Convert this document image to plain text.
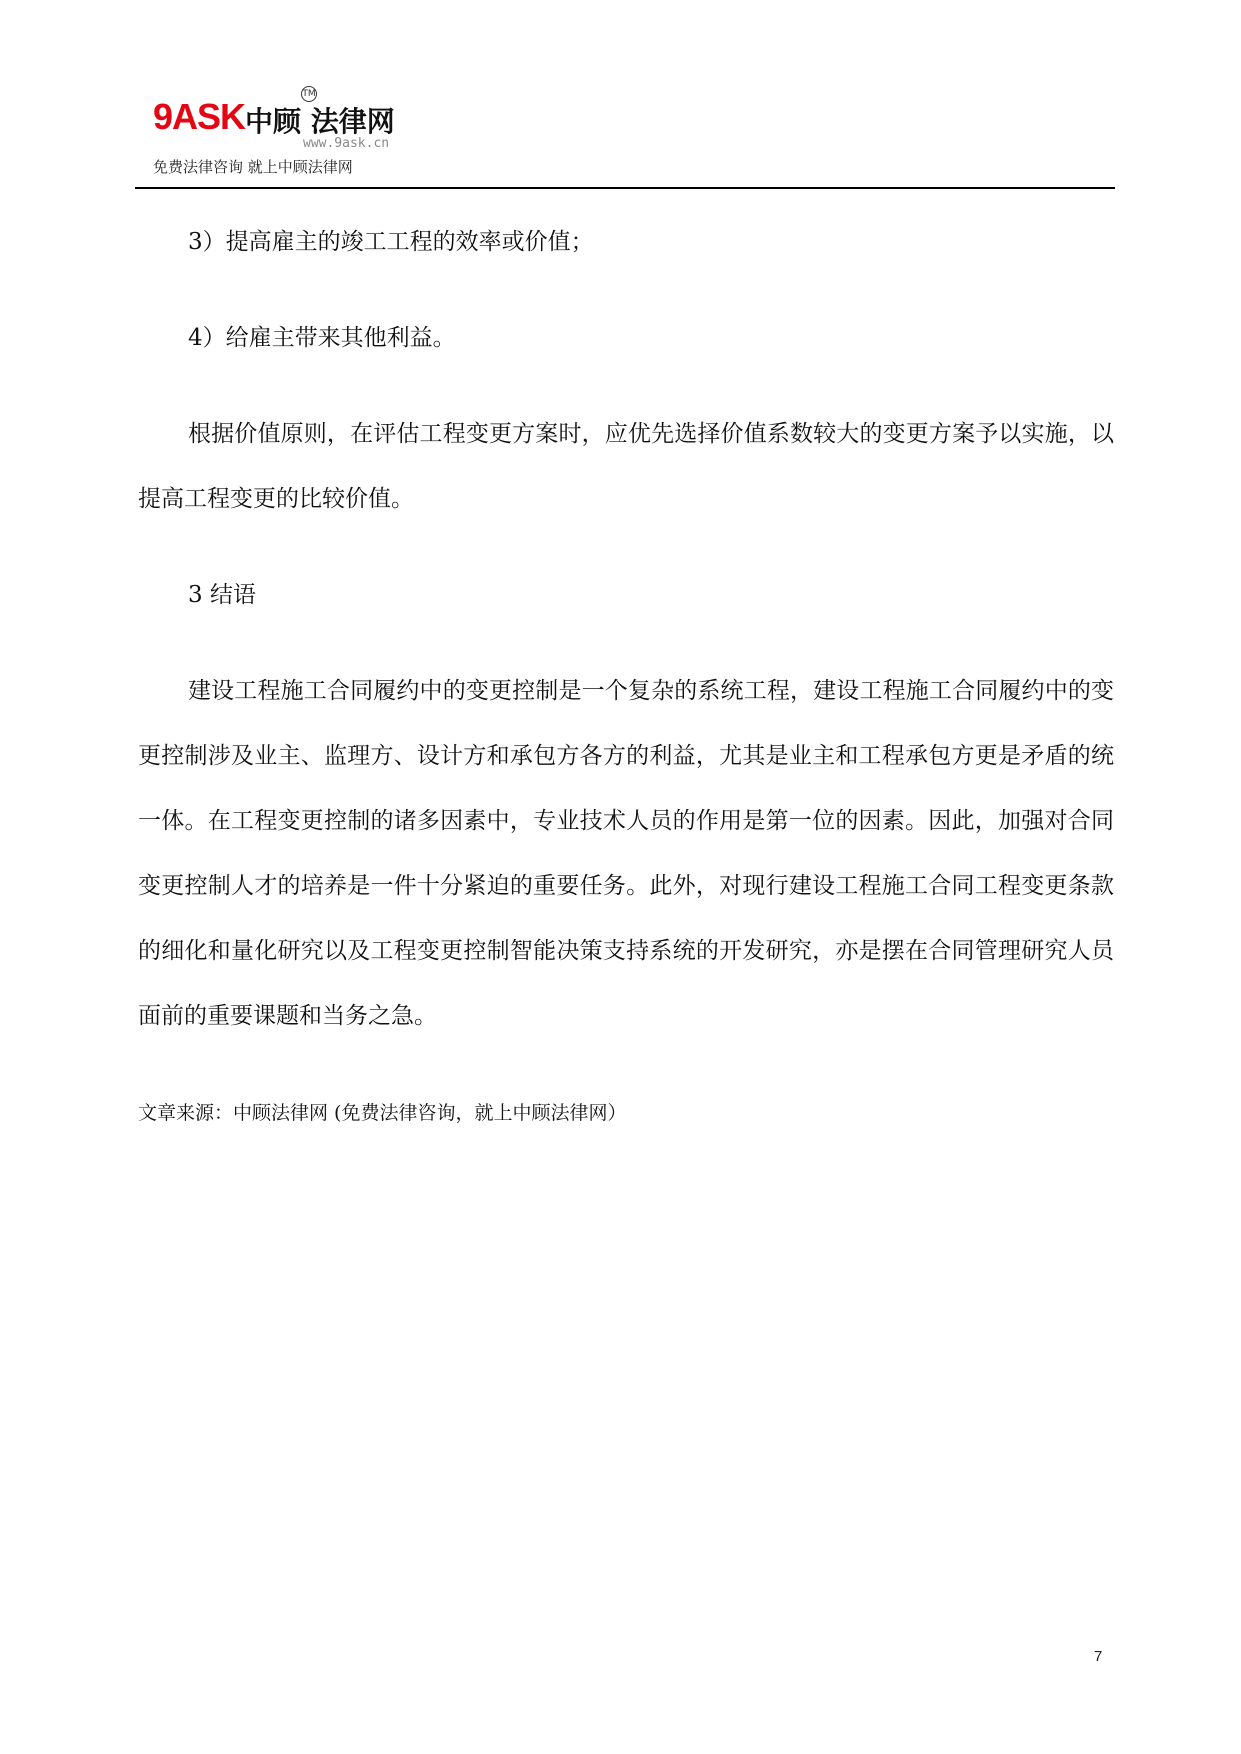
9ASK 中顾 法律网
TM
www.9ask.cn
免费法律咨询 就上中顾法律网

3）提高雇主的竣工工程的效率或价值；

4）给雇主带来其他利益。

根据价值原则，在评估工程变更方案时，应优先选择价值系数较大的变更方案予以实施，以提高工程变更的比较价值。

3 结语

建设工程施工合同履约中的变更控制是一个复杂的系统工程，建设工程施工合同履约中的变更控制涉及业主、监理方、设计方和承包方各方的利益，尤其是业主和工程承包方更是矛盾的统一体。在工程变更控制的诸多因素中，专业技术人员的作用是第一位的因素。因此，加强对合同变更控制人才的培养是一件十分紧迫的重要任务。此外，对现行建设工程施工合同工程变更条款的细化和量化研究以及工程变更控制智能决策支持系统的开发研究，亦是摆在合同管理研究人员面前的重要课题和当务之急。

文章来源：中顾法律网 (免费法律咨询，就上中顾法律网）
7
